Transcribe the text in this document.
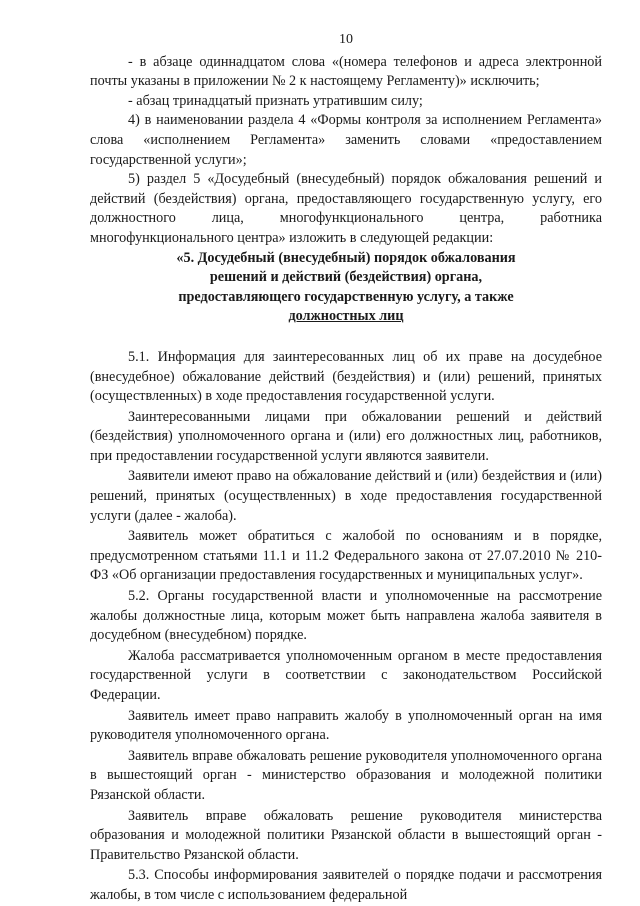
10

- в абзаце одиннадцатом слова «(номера телефонов и адреса электронной почты указаны в приложении № 2 к настоящему Регламенту)» исключить;

- абзац тринадцатый признать утратившим силу;

4) в наименовании раздела 4 «Формы контроля за исполнением Регламента» слова «исполнением Регламента» заменить словами «предоставлением государственной услуги»;

5) раздел 5 «Досудебный (внесудебный) порядок обжалования решений и действий (бездействия) органа, предоставляющего государственную услугу, его должностного лица, многофункционального центра, работника многофункционального центра» изложить в следующей редакции:

«5. Досудебный (внесудебный) порядок обжалования
решений и действий (бездействия) органа,
предоставляющего государственную услугу, а также
должностных лиц

5.1. Информация для заинтересованных лиц об их праве на досудебное (внесудебное) обжалование действий (бездействия) и (или) решений, принятых (осуществленных) в ходе предоставления государственной услуги.

Заинтересованными лицами при обжаловании решений и действий (бездействия) уполномоченного органа и (или) его должностных лиц, работников, при предоставлении государственной услуги являются заявители.

Заявители имеют право на обжалование действий и (или) бездействия и (или) решений, принятых (осуществленных) в ходе предоставления государственной услуги (далее - жалоба).

Заявитель может обратиться с жалобой по основаниям и в порядке, предусмотренном статьями 11.1 и 11.2 Федерального закона от 27.07.2010 № 210-ФЗ «Об организации предоставления государственных и муниципальных услуг».

5.2. Органы государственной власти и уполномоченные на рассмотрение жалобы должностные лица, которым может быть направлена жалоба заявителя в досудебном (внесудебном) порядке.

Жалоба рассматривается уполномоченным органом в месте предоставления государственной услуги в соответствии с законодательством Российской Федерации.

Заявитель имеет право направить жалобу в уполномоченный орган на имя руководителя уполномоченного органа.

Заявитель вправе обжаловать решение руководителя уполномоченного органа в вышестоящий орган - министерство образования и молодежной политики Рязанской области.

Заявитель вправе обжаловать решение руководителя министерства образования и молодежной политики Рязанской области в вышестоящий орган - Правительство Рязанской области.

5.3. Способы информирования заявителей о порядке подачи и рассмотрения жалобы, в том числе с использованием федеральной
